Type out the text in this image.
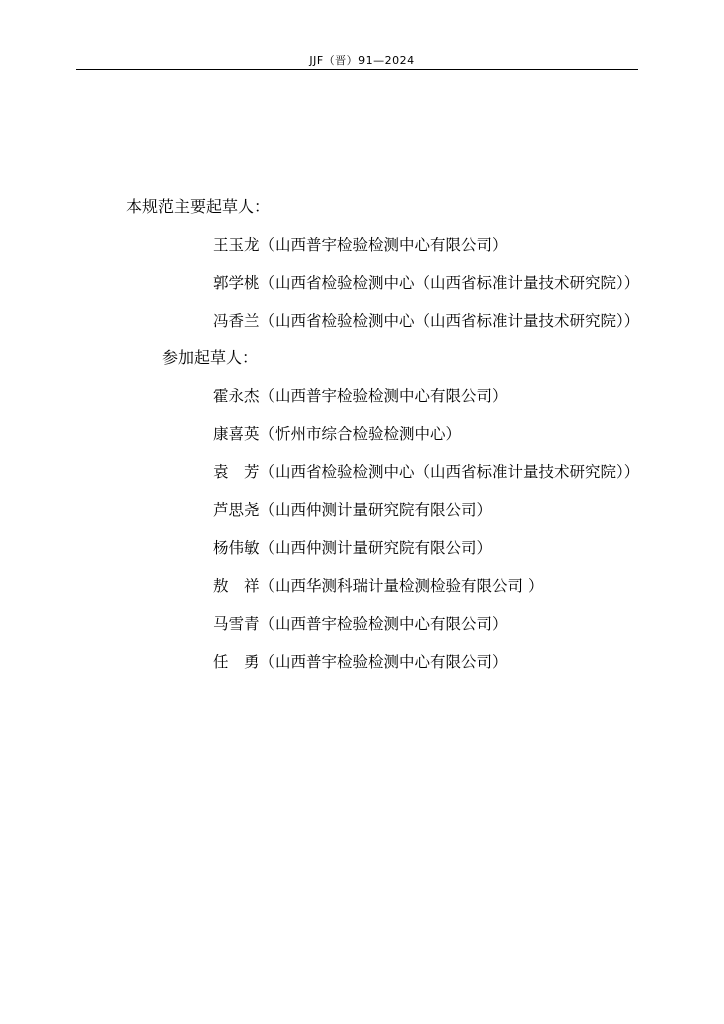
JJF（晋）91—2024
本规范主要起草人：
王玉龙 （山西普宇检验检测中心有限公司）
郭学桃 （山西省检验检测中心（山西省标准计量技术研究院））
冯香兰 （山西省检验检测中心（山西省标准计量技术研究院））
参加起草人：
霍永杰 （山西普宇检验检测中心有限公司）
康喜英 （忻州市综合检验检测中心）
袁　芳 （山西省检验检测中心（山西省标准计量技术研究院））
芦思尧 （山西仲测计量研究院有限公司）
杨伟敏 （山西仲测计量研究院有限公司）
敖　祥 （山西华测科瑞计量检测检验有限公司 ）
马雪青 （山西普宇检验检测中心有限公司）
任　勇 （山西普宇检验检测中心有限公司）
